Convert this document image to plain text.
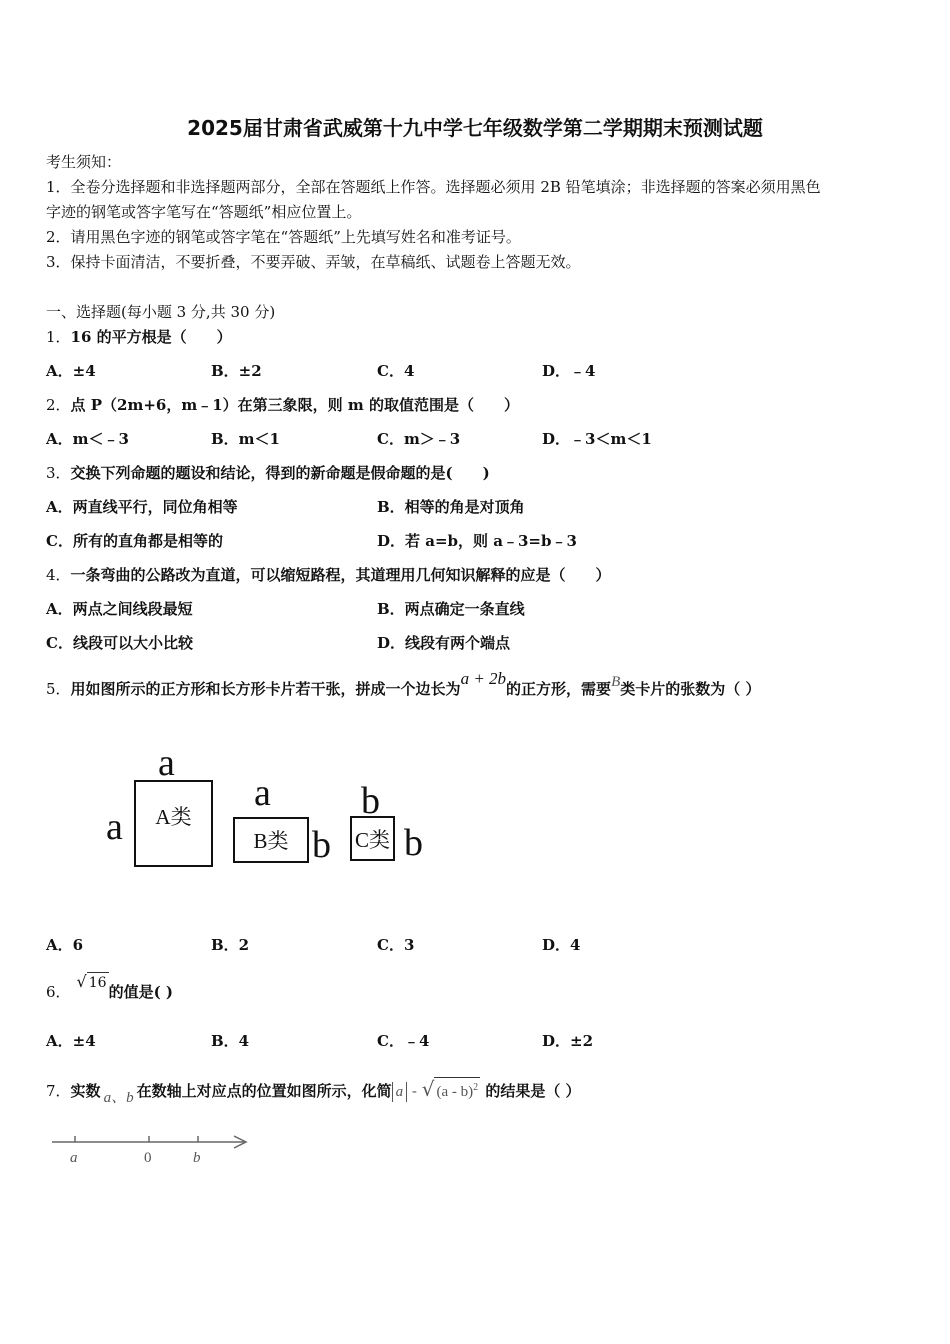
2025届甘肃省武威第十九中学七年级数学第二学期期末预测试题
考生须知：
1．全卷分选择题和非选择题两部分，全部在答题纸上作答。选择题必须用 2B 铅笔填涂；非选择题的答案必须用黑色
字迹的钢笔或答字笔写在“答题纸”相应位置上。
2．请用黑色字迹的钢笔或答字笔在“答题纸”上先填写姓名和准考证号。
3．保持卡面清洁，不要折叠，不要弄破、弄皱，在草稿纸、试题卷上答题无效。
一、选择题(每小题 3 分,共 30 分)
1．16 的平方根是（　　）
A．±4	B．±2	C．4	D．﹣4
2．点 P（2m+6，m﹣1）在第三象限，则 m 的取值范围是（　　）
A．m＜﹣3	B．m＜1	C．m＞﹣3	D．﹣3＜m＜1
3．交换下列命题的题设和结论，得到的新命题是假命题的是(　　)
A．两直线平行，同位角相等	B．相等的角是对顶角
C．所有的直角都是相等的	D．若 a=b，则 a﹣3=b﹣3
4．一条弯曲的公路改为直道，可以缩短路程，其道理用几何知识解释的应是（　　）
A．两点之间线段最短	B．两点确定一条直线
C．线段可以大小比较	D．线段有两个端点
5．用如图所示的正方形和长方形卡片若干张，拼成一个边长为a + 2b的正方形，需要B类卡片的张数为（ ）
a
a A类
a
B类 b
b
C类 b
A．6	B．2	C．3	D．4
6．√ 16 的值是( )
A．±4	B．4	C．﹣4	D．±2
7．实数 a、b 在数轴上对应点的位置如图所示，化简 a - √ (a - b)$^2$ 的结果是（ ）
a	0	b
